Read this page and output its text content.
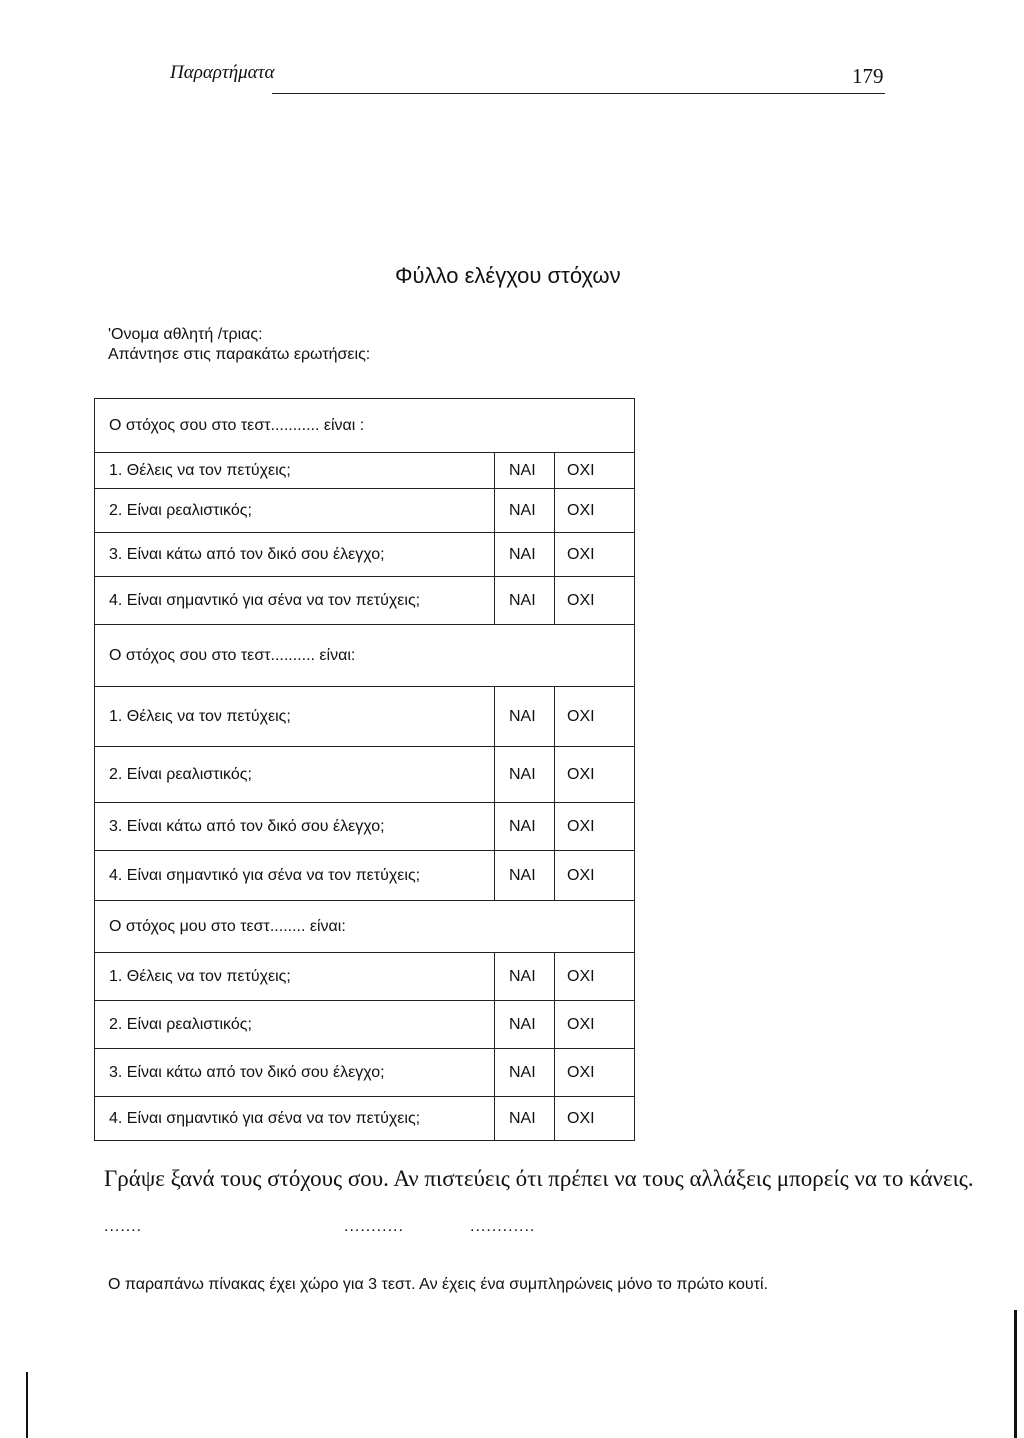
Παραρτήματα	179
Φύλλο ελέγχου στόχων
'Ονομα αθλητή /τριας:
Απάντησε στις παρακάτω ερωτήσεις:
Ο στόχος σου στο τεστ........... είναι :		
1. Θέλεις να τον πετύχεις;	ΝΑΙ	ΟΧΙ
2. Είναι ρεαλιστικός;	ΝΑΙ	ΟΧΙ
3. Είναι κάτω από τον δικό σου έλεγχο;	ΝΑΙ	ΟΧΙ
4. Είναι σημαντικό για σένα να τον πετύχεις;	ΝΑΙ	ΟΧΙ
Ο στόχος σου στο τεστ.......... είναι:		
1. Θέλεις να τον πετύχεις;	ΝΑΙ	ΟΧΙ
2. Είναι ρεαλιστικός;	ΝΑΙ	ΟΧΙ
3. Είναι κάτω από τον δικό σου έλεγχο;	ΝΑΙ	ΟΧΙ
4. Είναι σημαντικό για σένα να τον πετύχεις;	ΝΑΙ	ΟΧΙ
Ο στόχος μου στο τεστ........ είναι:		
1. Θέλεις να τον πετύχεις;	ΝΑΙ	ΟΧΙ
2. Είναι ρεαλιστικός;	ΝΑΙ	ΟΧΙ
3. Είναι κάτω από τον δικό σου έλεγχο;	ΝΑΙ	ΟΧΙ
4. Είναι σημαντικό για σένα να τον πετύχεις;	ΝΑΙ	ΟΧΙ
Γράψε ξανά τους στόχους σου. Αν πιστεύεις ότι πρέπει να τους αλλάξεις μπορείς να το κάνεις.
.......	...........	............
Ο παραπάνω πίνακας έχει χώρο για 3 τεστ. Αν έχεις ένα συμπληρώνεις μόνο το πρώτο κουτί.
